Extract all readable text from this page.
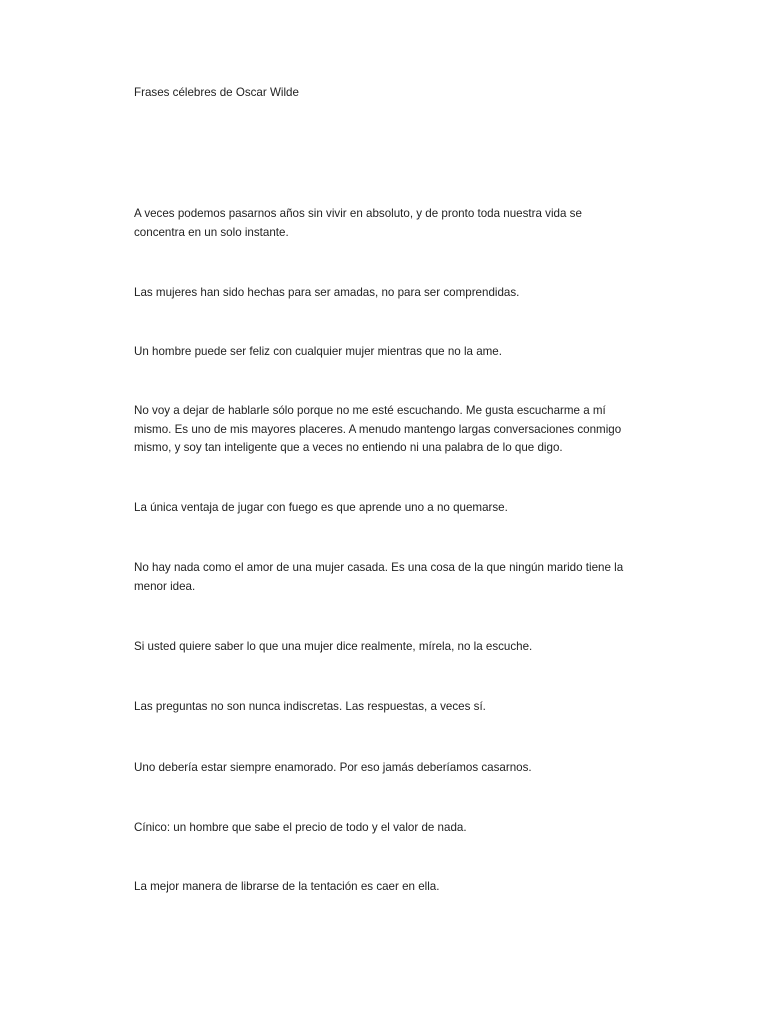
Frases célebres de Oscar Wilde

A veces podemos pasarnos años sin vivir en absoluto, y de pronto toda nuestra vida se concentra en un solo instante.

Las mujeres han sido hechas para ser amadas, no para ser comprendidas.

Un hombre puede ser feliz con cualquier mujer mientras que no la ame.

No voy a dejar de hablarle sólo porque no me esté escuchando. Me gusta escucharme a mí mismo. Es uno de mis mayores placeres. A menudo mantengo largas conversaciones conmigo mismo, y soy tan inteligente que a veces no entiendo ni una palabra de lo que digo.

La única ventaja de jugar con fuego es que aprende uno a no quemarse.

No hay nada como el amor de una mujer casada. Es una cosa de la que ningún marido tiene la menor idea.

Si usted quiere saber lo que una mujer dice realmente, mírela, no la escuche.

Las preguntas no son nunca indiscretas. Las respuestas, a veces sí.

Uno debería estar siempre enamorado. Por eso jamás deberíamos casarnos.

Cínico: un hombre que sabe el precio de todo y el valor de nada.

La mejor manera de librarse de la tentación es caer en ella.
